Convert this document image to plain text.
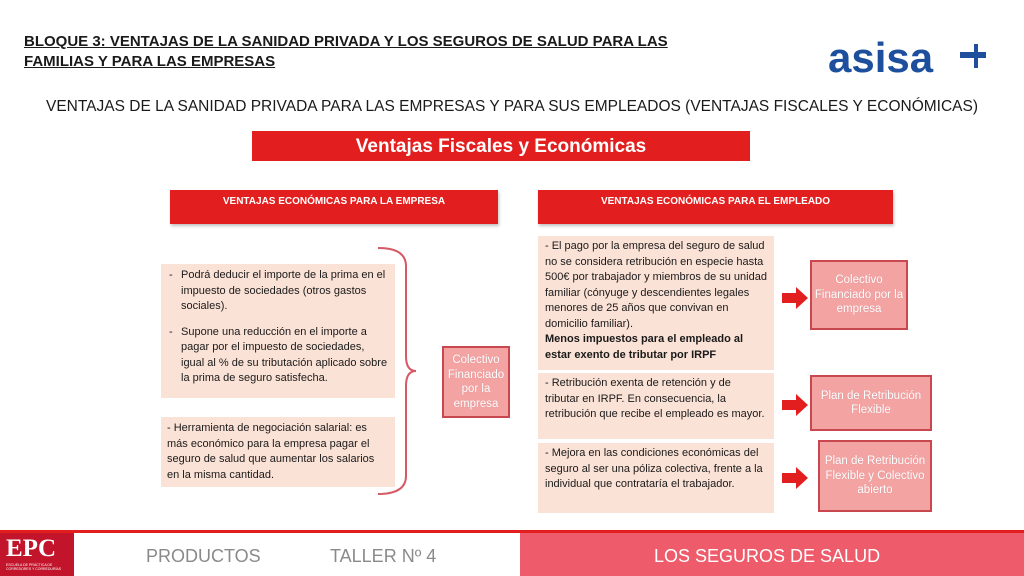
BLOQUE 3: VENTAJAS DE LA SANIDAD PRIVADA Y LOS SEGUROS DE SALUD PARA LAS
FAMILIAS Y PARA LAS EMPRESAS	asisa
VENTAJAS DE LA SANIDAD PRIVADA PARA LAS EMPRESAS Y PARA SUS EMPLEADOS (VENTAJAS FISCALES Y ECONÓMICAS)
Ventajas Fiscales y Económicas
VENTAJAS ECONÓMICAS PARA LA EMPRESA	VENTAJAS ECONÓMICAS PARA EL EMPLEADO
- Podrá deducir el importe de la prima en el impuesto de sociedades (otros gastos sociales).
- Supone una reducción en el importe a pagar por el impuesto de sociedades, igual al % de su tributación aplicado sobre la prima de seguro satisfecha.
- Herramienta de negociación salarial: es más económico para la empresa pagar el seguro de salud que aumentar los salarios en la misma cantidad.
Colectivo Financiado por la empresa
- El pago por la empresa del seguro de salud no se considera retribución en especie hasta 500€ por trabajador y miembros de su unidad familiar (cónyuge y descendientes legales menores de 25 años que convivan en domicilio familiar).
Menos impuestos para el empleado al estar exento de tributar por IRPF
- Retribución exenta de retención y de tributar en IRPF. En consecuencia, la retribución que recibe el empleado es mayor.
- Mejora en las condiciones económicas del seguro al ser una póliza colectiva, frente a la individual que contrataría el trabajador.
Colectivo Financiado por la empresa
Plan de Retribución Flexible
Plan de Retribución Flexible y Colectivo abierto
EPC
ESCUELA DE PRÁCTICA DE CORREDORES Y CORREDURÍAS
PRODUCTOS	TALLER Nº 4	LOS SEGUROS DE SALUD
